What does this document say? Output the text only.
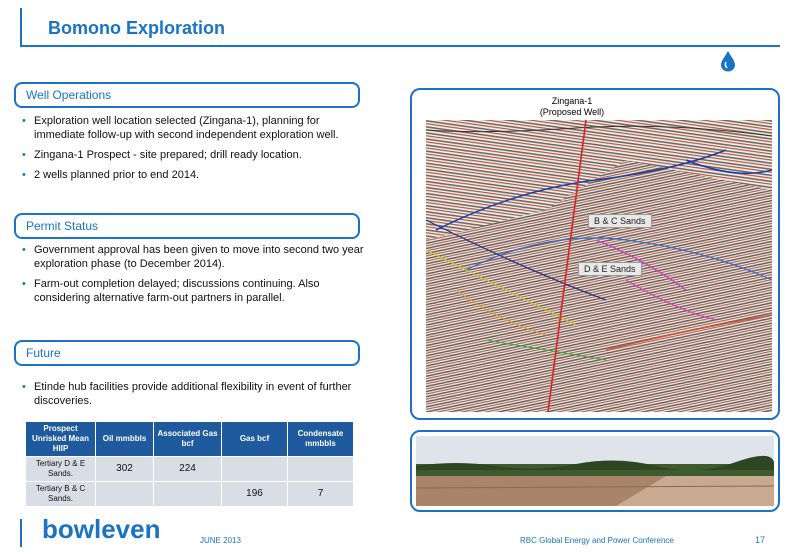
Bomono Exploration
Well Operations
• Exploration well location selected (Zingana-1), planning for immediate follow-up with second independent exploration well.
• Zingana-1 Prospect - site prepared; drill ready location.
• 2 wells planned prior to end 2014.
Permit Status
• Government approval has been given to move into second two year exploration phase (to December 2014).
• Farm-out completion delayed; discussions continuing. Also considering alternative farm-out partners in parallel.
Future
• Etinde hub facilities provide additional flexibility in event of further discoveries.
Prospect Unrisked Mean HIIP	Oil mmbbls	Associated Gas bcf	Gas bcf	Condensate mmbbls
Tertiary D & E Sands.	302	224		
Tertiary B & C Sands.			196	7
Zingana-1
(Proposed Well)
B & C Sands
D & E Sands
bowleven	JUNE 2013	RBC Global Energy and Power Conference	17
